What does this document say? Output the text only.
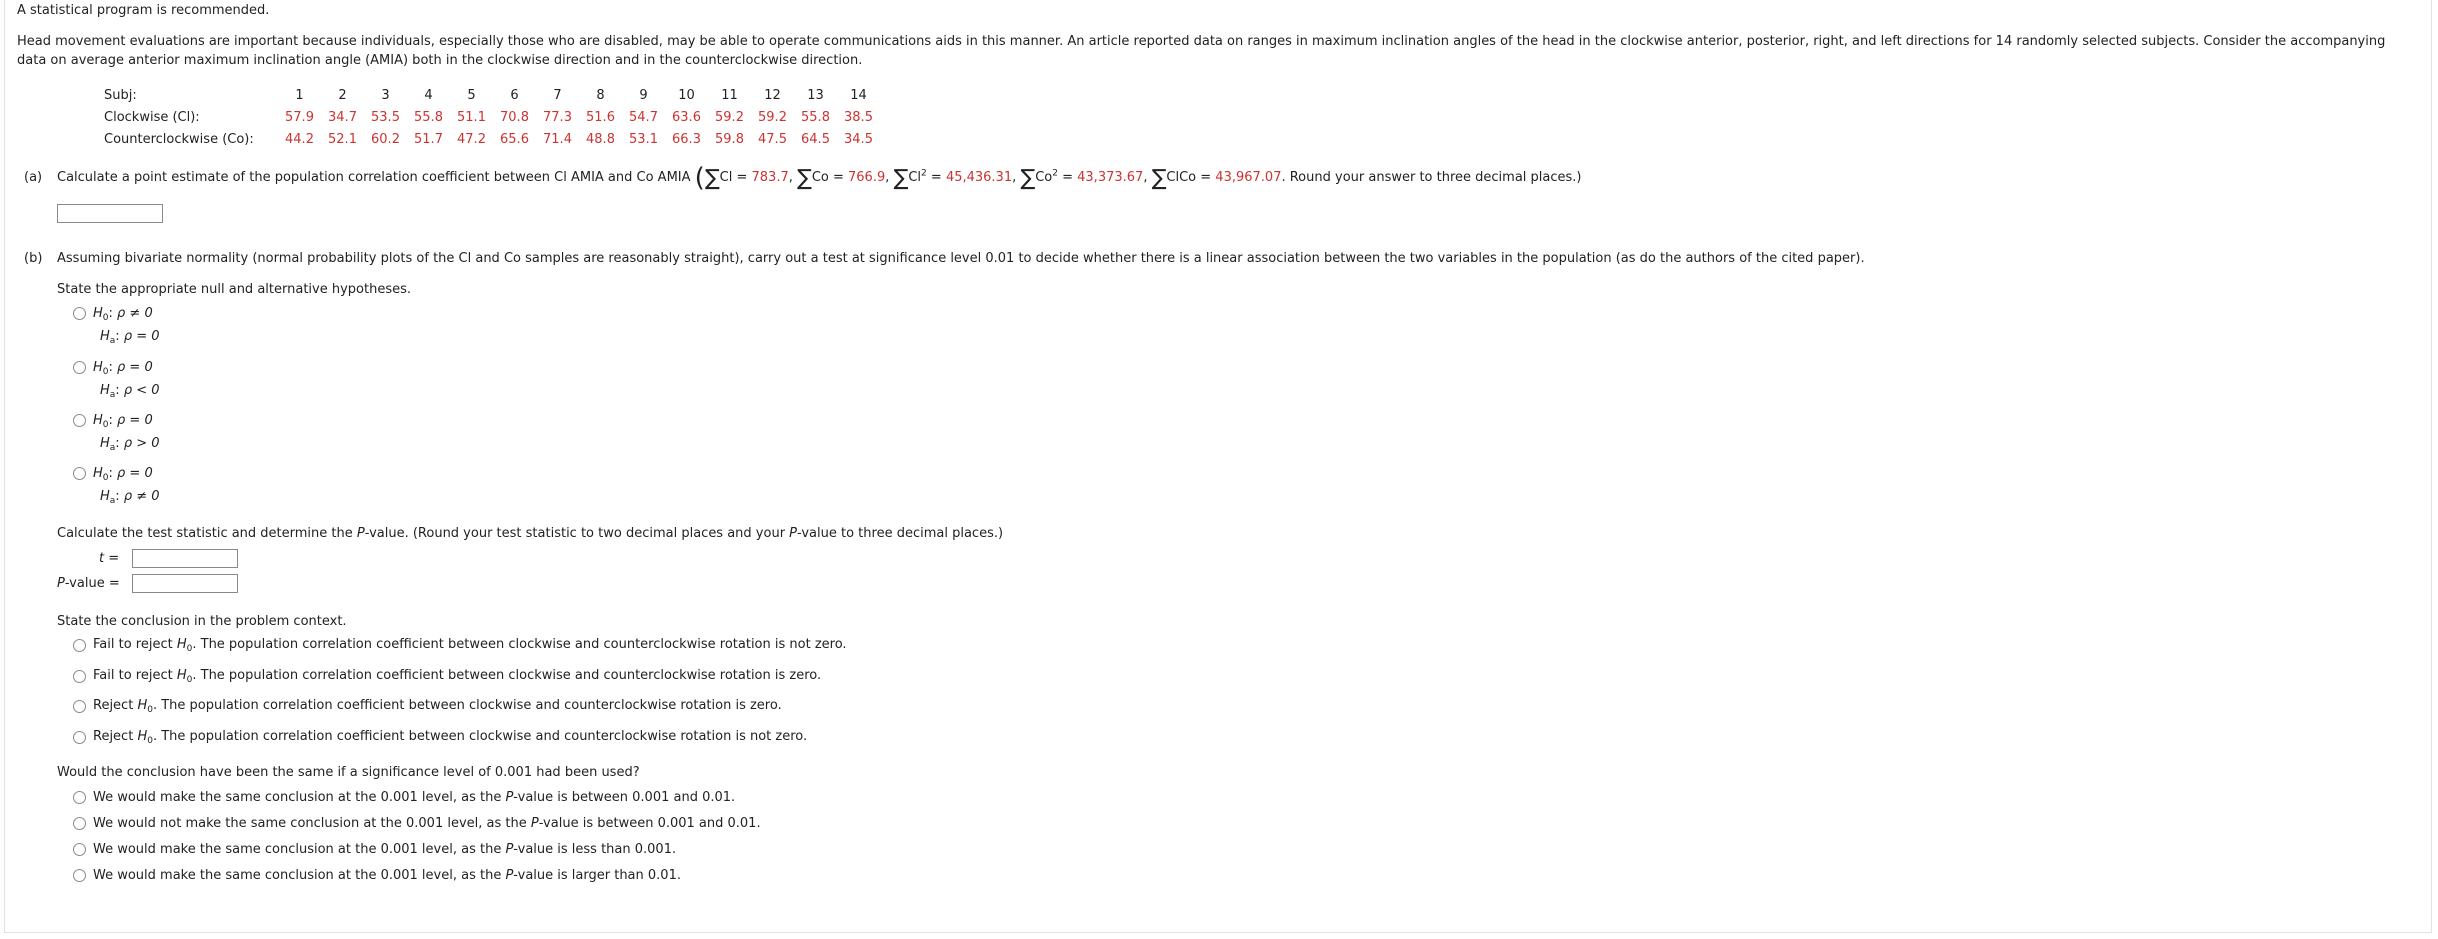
A statistical program is recommended.
Head movement evaluations are important because individuals, especially those who are disabled, may be able to operate communications aids in this manner. An article reported data on ranges in maximum inclination angles of the head in the clockwise anterior, posterior, right, and left directions for 14 randomly selected subjects. Consider the accompanying data on average anterior maximum inclination angle (AMIA) both in the clockwise direction and in the counterclockwise direction.
Subj:	1	2	3	4	5	6	7	8	9	10	11	12	13	14
Clockwise (Cl):	57.9	34.7	53.5	55.8	51.1	70.8	77.3	51.6	54.7	63.6	59.2	59.2	55.8	38.5
Counterclockwise (Co):	44.2	52.1	60.2	51.7	47.2	65.6	71.4	48.8	53.1	66.3	59.8	47.5	64.5	34.5
(a) Calculate a point estimate of the population correlation coefficient between Cl AMIA and Co AMIA (∑Cl = 783.7, ∑Co = 766.9, $\sum Cl^2 = 45,436.31$, $\sum Co^2 = 43,373.67$, ∑ClCo = 43,967.07. Round your answer to three decimal places.)
(b) Assuming bivariate normality (normal probability plots of the Cl and Co samples are reasonably straight), carry out a test at significance level 0.01 to decide whether there is a linear association between the two variables in the population (as do the authors of the cited paper).
State the appropriate null and alternative hypotheses.
$H_0$: ρ ≠ 0
$H_a$: ρ = 0
$H_0$: ρ = 0
$H_a$: ρ < 0
$H_0$: ρ = 0
$H_a$: ρ > 0
$H_0$: ρ = 0
$H_a$: ρ ≠ 0
Calculate the test statistic and determine the P-value. (Round your test statistic to two decimal places and your P-value to three decimal places.)
t =
P-value =
State the conclusion in the problem context.
Fail to reject $H_0$. The population correlation coefficient between clockwise and counterclockwise rotation is not zero.
Fail to reject $H_0$. The population correlation coefficient between clockwise and counterclockwise rotation is zero.
Reject $H_0$. The population correlation coefficient between clockwise and counterclockwise rotation is zero.
Reject $H_0$. The population correlation coefficient between clockwise and counterclockwise rotation is not zero.
Would the conclusion have been the same if a significance level of 0.001 had been used?
We would make the same conclusion at the 0.001 level, as the P-value is between 0.001 and 0.01.
We would not make the same conclusion at the 0.001 level, as the P-value is between 0.001 and 0.01.
We would make the same conclusion at the 0.001 level, as the P-value is less than 0.001.
We would make the same conclusion at the 0.001 level, as the P-value is larger than 0.01.
